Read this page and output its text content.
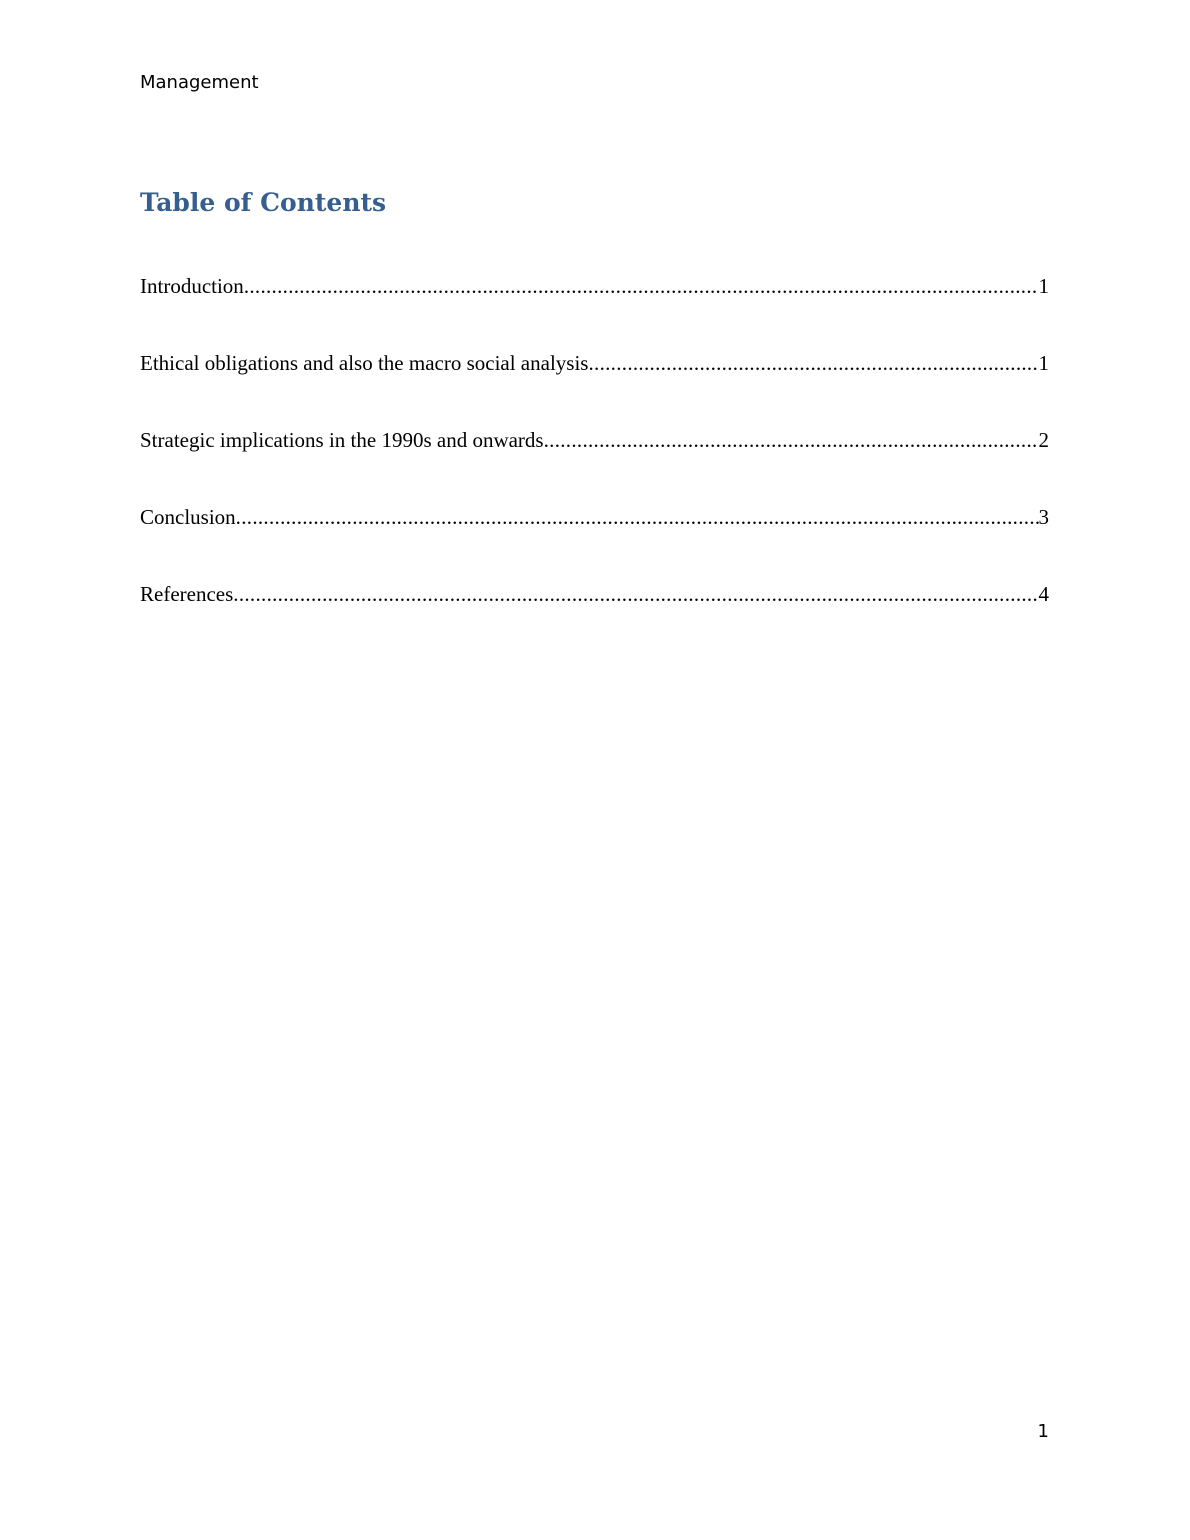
Management
Table of Contents
Introduction .....	1
Ethical obligations and also the macro social analysis .....	1
Strategic implications in the 1990s and onwards .....	2
Conclusion .....	3
References .....	4
1
